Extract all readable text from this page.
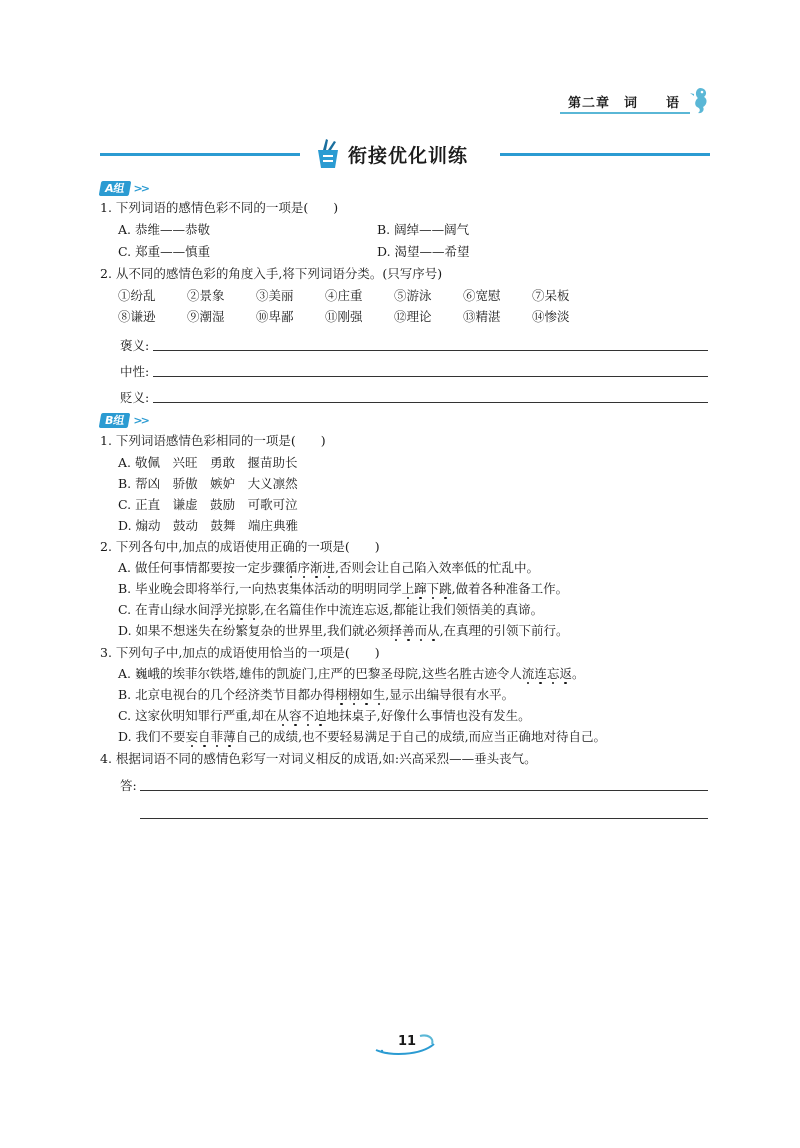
第二章　词　　语
衔接优化训练
A组 >>
1. 下列词语的感情色彩不同的一项是(　　)
A. 恭维——恭敬	B. 阔绰——阔气
C. 郑重——慎重	D. 渴望——希望
2. 从不同的感情色彩的角度入手,将下列词语分类。(只写序号)
①纷乱	②景象	③美丽	④庄重	⑤游泳	⑥宽慰	⑦呆板
⑧谦逊	⑨潮湿	⑩卑鄙	⑪刚强	⑫理论	⑬精湛	⑭惨淡
褒义:
中性:
贬义:
B组 >>
1. 下列词语感情色彩相同的一项是(　　)
A. 敬佩　兴旺　勇敢　揠苗助长
B. 帮凶　骄傲　嫉妒　大义凛然
C. 正直　谦虚　鼓励　可歌可泣
D. 煽动　鼓动　鼓舞　端庄典雅
2. 下列各句中,加点的成语使用正确的一项是(　　)
A. 做任何事情都要按一定步骤循序渐进,否则会让自己陷入效率低的忙乱中。
B. 毕业晚会即将举行,一向热衷集体活动的明明同学上蹿下跳,做着各种准备工作。
C. 在青山绿水间浮光掠影,在名篇佳作中流连忘返,都能让我们领悟美的真谛。
D. 如果不想迷失在纷繁复杂的世界里,我们就必须择善而从,在真理的引领下前行。
3. 下列句子中,加点的成语使用恰当的一项是(　　)
A. 巍峨的埃菲尔铁塔,雄伟的凯旋门,庄严的巴黎圣母院,这些名胜古迹令人流连忘返。
B. 北京电视台的几个经济类节目都办得栩栩如生,显示出编导很有水平。
C. 这家伙明知罪行严重,却在从容不迫地抹桌子,好像什么事情也没有发生。
D. 我们不要妄自菲薄自己的成绩,也不要轻易满足于自己的成绩,而应当正确地对待自己。
4. 根据词语不同的感情色彩写一对词义相反的成语,如:兴高采烈——垂头丧气。
答:
11
